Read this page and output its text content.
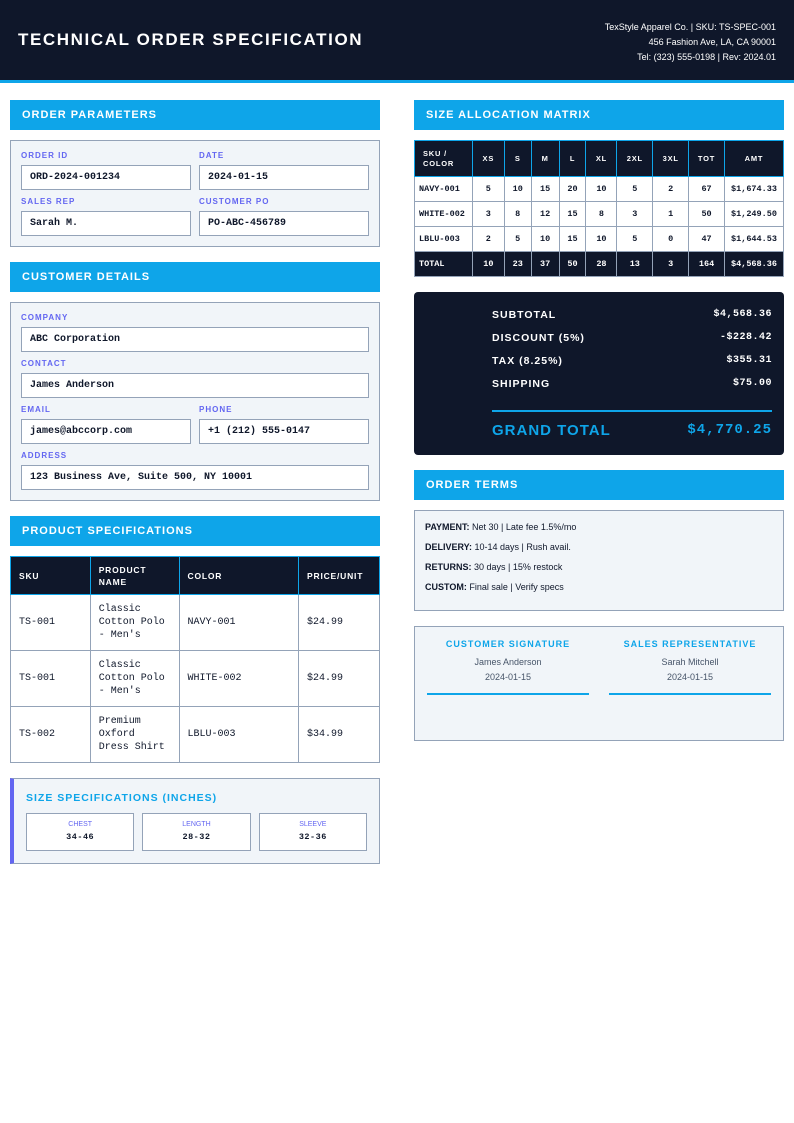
TECHNICAL ORDER SPECIFICATION
TexStyle Apparel Co. | SKU: TS-SPEC-001
456 Fashion Ave, LA, CA 90001
Tel: (323) 555-0198 | Rev: 2024.01
ORDER PARAMETERS
ORDER ID
ORD-2024-001234
DATE
2024-01-15
SALES REP
Sarah M.
CUSTOMER PO
PO-ABC-456789
CUSTOMER DETAILS
COMPANY
ABC Corporation
CONTACT
James Anderson
EMAIL
james@abccorp.com
PHONE
+1 (212) 555-0147
ADDRESS
123 Business Ave, Suite 500, NY 10001
PRODUCT SPECIFICATIONS
SKU	PRODUCT NAME	COLOR	PRICE/UNIT
TS-001	Classic Cotton Polo - Men's	NAVY-001	$24.99
TS-001	Classic Cotton Polo - Men's	WHITE-002	$24.99
TS-002	Premium Oxford Dress Shirt	LBLU-003	$34.99
SIZE SPECIFICATIONS (INCHES)
CHEST
34-46
LENGTH
28-32
SLEEVE
32-36
SIZE ALLOCATION MATRIX
SKU / COLOR	XS	S	M	L	XL	2XL	3XL	TOT	AMT
NAVY-001	5	10	15	20	10	5	2	67	$1,674.33
WHITE-002	3	8	12	15	8	3	1	50	$1,249.50
LBLU-003	2	5	10	15	10	5	0	47	$1,644.53
TOTAL	10	23	37	50	28	13	3	164	$4,568.36
SUBTOTAL	$4,568.36
DISCOUNT (5%)	-$228.42
TAX (8.25%)	$355.31
SHIPPING	$75.00
GRAND TOTAL	$4,770.25
ORDER TERMS
PAYMENT: Net 30 | Late fee 1.5%/mo
DELIVERY: 10-14 days | Rush avail.
RETURNS: 30 days | 15% restock
CUSTOM: Final sale | Verify specs
CUSTOMER SIGNATURE
James Anderson
2024-01-15
SALES REPRESENTATIVE
Sarah Mitchell
2024-01-15
